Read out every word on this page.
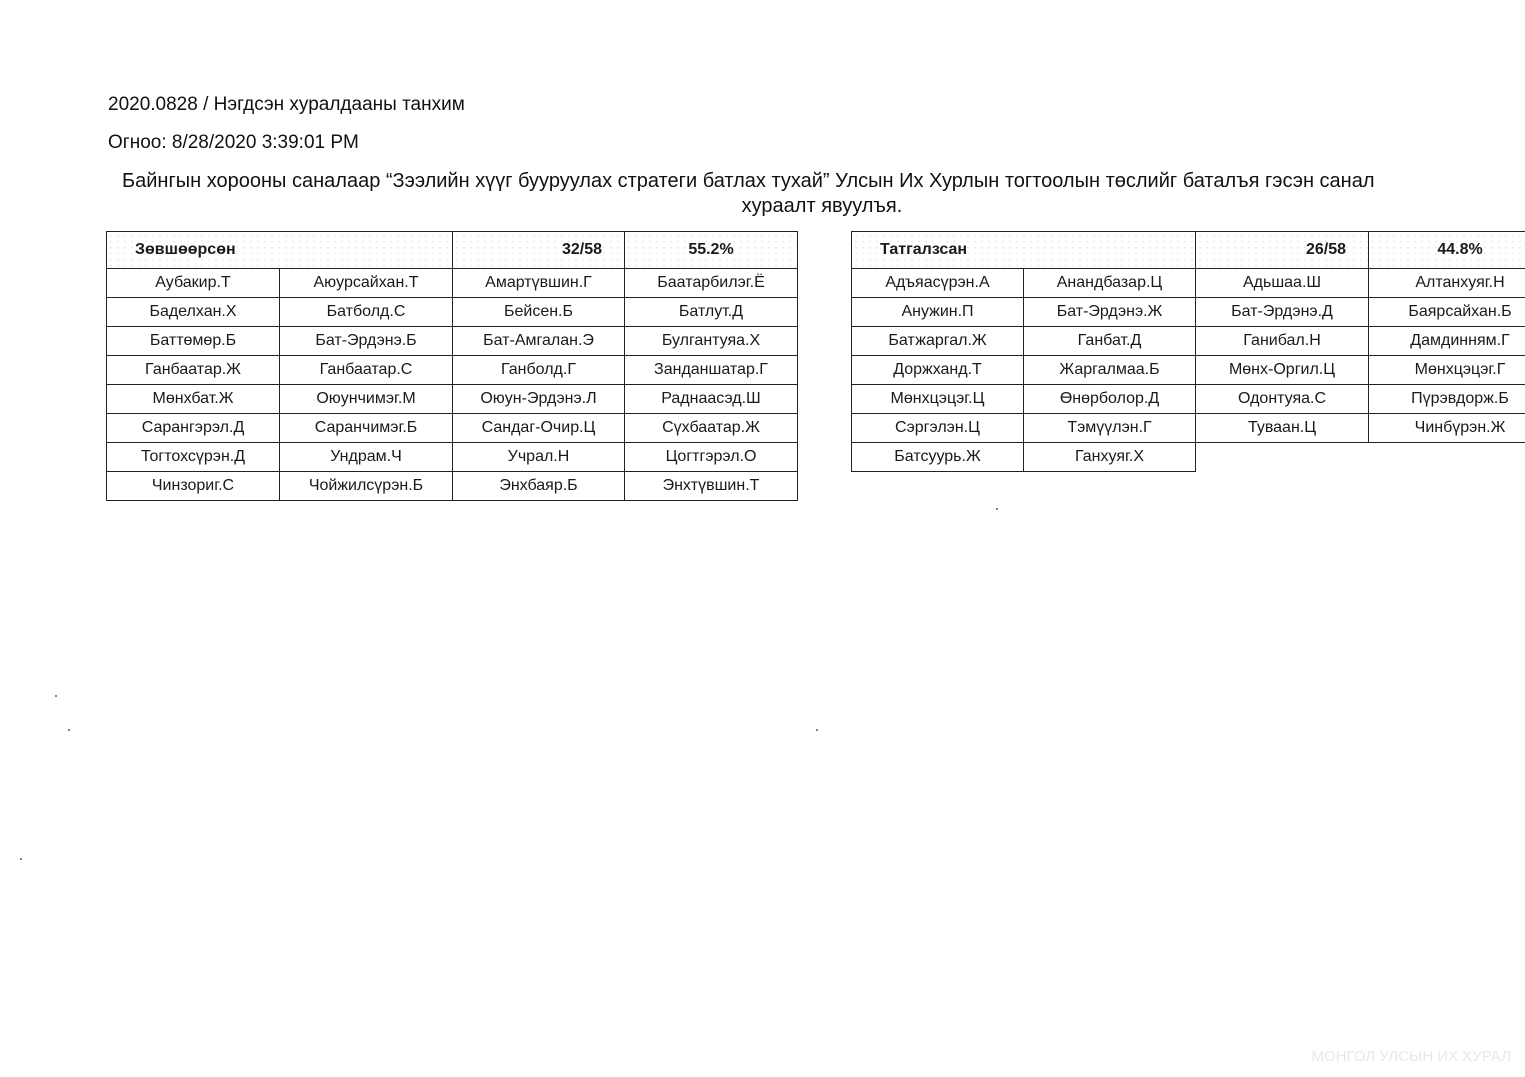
2020.0828 / Нэгдсэн хуралдааны танхим
Огноо: 8/28/2020 3:39:01 PM
Байнгын хорооны саналаар “Зээлийн хүүг бууруулах стратеги батлах тухай” Улсын Их Хурлын тогтоолын төслийг баталъя гэсэн санал
хураалт явуулъя.
Зөвшөөрсөн		32/58	55.2%
Аубакир.Т	Аюурсайхан.Т	Амартүвшин.Г	Баатарбилэг.Ё
Баделхан.Х	Батболд.С	Бейсен.Б	Батлут.Д
Баттөмөр.Б	Бат-Эрдэнэ.Б	Бат-Амгалан.Э	Булгантуяа.Х
Ганбаатар.Ж	Ганбаатар.С	Ганболд.Г	Занданшатар.Г
Мөнхбат.Ж	Оюунчимэг.М	Оюун-Эрдэнэ.Л	Раднаасэд.Ш
Сарангэрэл.Д	Саранчимэг.Б	Сандаг-Очир.Ц	Сүхбаатар.Ж
Тогтохсүрэн.Д	Ундрам.Ч	Учрал.Н	Цогтгэрэл.О
Чинзориг.С	Чойжилсүрэн.Б	Энхбаяр.Б	Энхтүвшин.Т
Татгалзсан		26/58	44.8%
Адъяасүрэн.А	Анандбазар.Ц	Адьшаа.Ш	Алтанхуяг.Н
Анужин.П	Бат-Эрдэнэ.Ж	Бат-Эрдэнэ.Д	Баярсайхан.Б
Батжаргал.Ж	Ганбат.Д	Ганибал.Н	Дамдинням.Г
Доржханд.Т	Жаргалмаа.Б	Мөнх-Оргил.Ц	Мөнхцэцэг.Г
Мөнхцэцэг.Ц	Өнөрболор.Д	Одонтуяа.С	Пүрэвдорж.Б
Сэргэлэн.Ц	Тэмүүлэн.Г	Туваан.Ц	Чинбүрэн.Ж
Батсуурь.Ж	Ганхуяг.Х		
МОНГОЛ УЛСЫН ИХ ХУРАЛ
